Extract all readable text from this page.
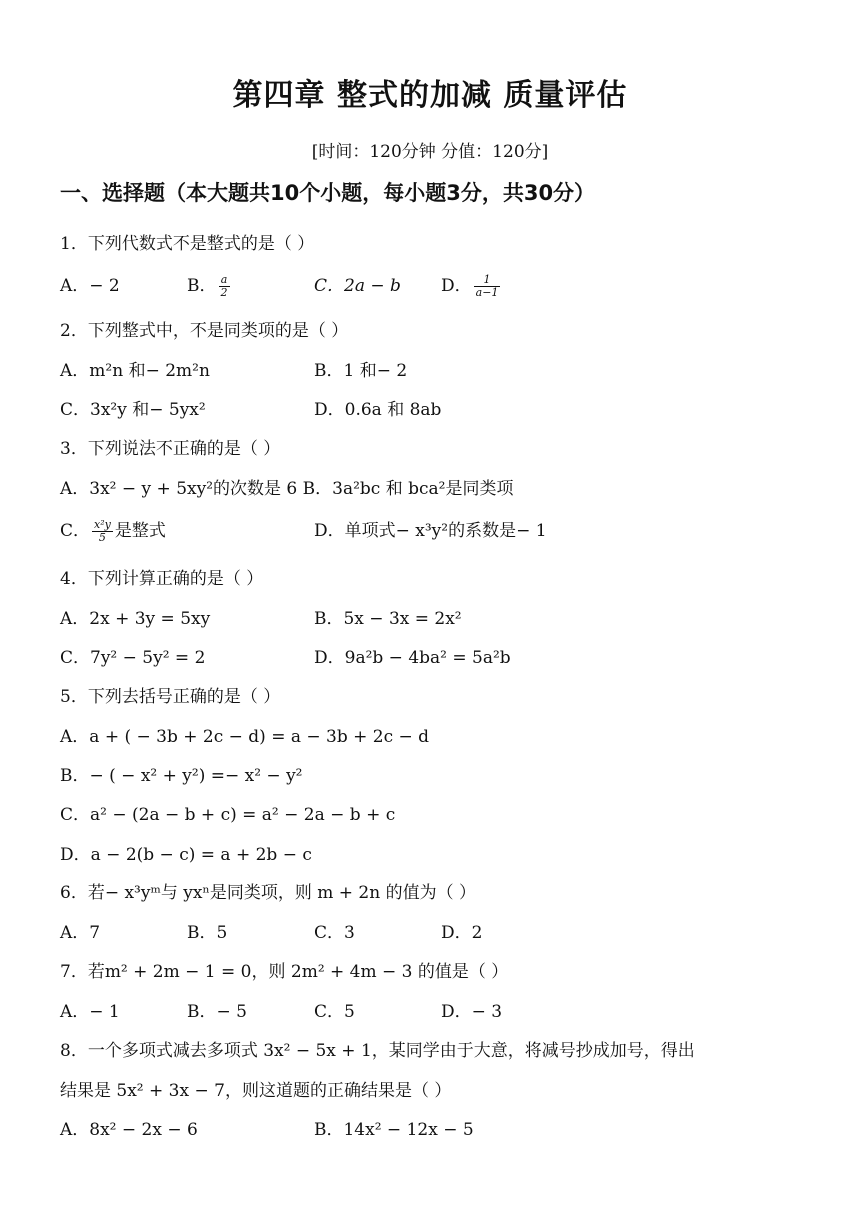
第四章 整式的加减 质量评估
[时间：120分钟 分值：120分]
一、选择题（本大题共10个小题，每小题3分，共30分）
1．下列代数式不是整式的是（ ）
A．− 2	B． $\frac{a}{2}$	C．2a − b D． $\frac{1}{a-1}$
2．下列整式中，不是同类项的是（ ）
A．m²n 和− 2m²n	B．1 和− 2
C．3x²y 和− 5yx²	D．0.6a 和 8ab
3．下列说法不正确的是（ ）
A．3x² − y + 5xy²的次数是 6 B．3a²bc 和 bca²是同类项
C． $\frac{\text{x²y}}{5}$ 是整式	D．单项式− x³y²的系数是− 1
4．下列计算正确的是（ ）
A．2x + 3y = 5xy	B．5x − 3x = 2x²
C．7y² − 5y² = 2	D．9a²b − 4ba² = 5a²b
5．下列去括号正确的是（ ）
A．a + ( − 3b + 2c − d) = a − 3b + 2c − d
B．− ( − x² + y²) =− x² − y²
C．a² − (2a − b + c) = a² − 2a − b + c
D．a − 2(b − c) = a + 2b − c
6．若− x³yᵐ与 yxⁿ是同类项，则 m + 2n 的值为（ ）
A．7	B．5	C．3	D．2
7．若m² + 2m − 1 = 0，则 2m² + 4m − 3 的值是（ ）
A．− 1	B．− 5	C．5	D．− 3
8．一个多项式减去多项式 3x² − 5x + 1，某同学由于大意，将减号抄成加号，得出
结果是 5x² + 3x − 7，则这道题的正确结果是（ ）
A．8x² − 2x − 6	B．14x² − 12x − 5
